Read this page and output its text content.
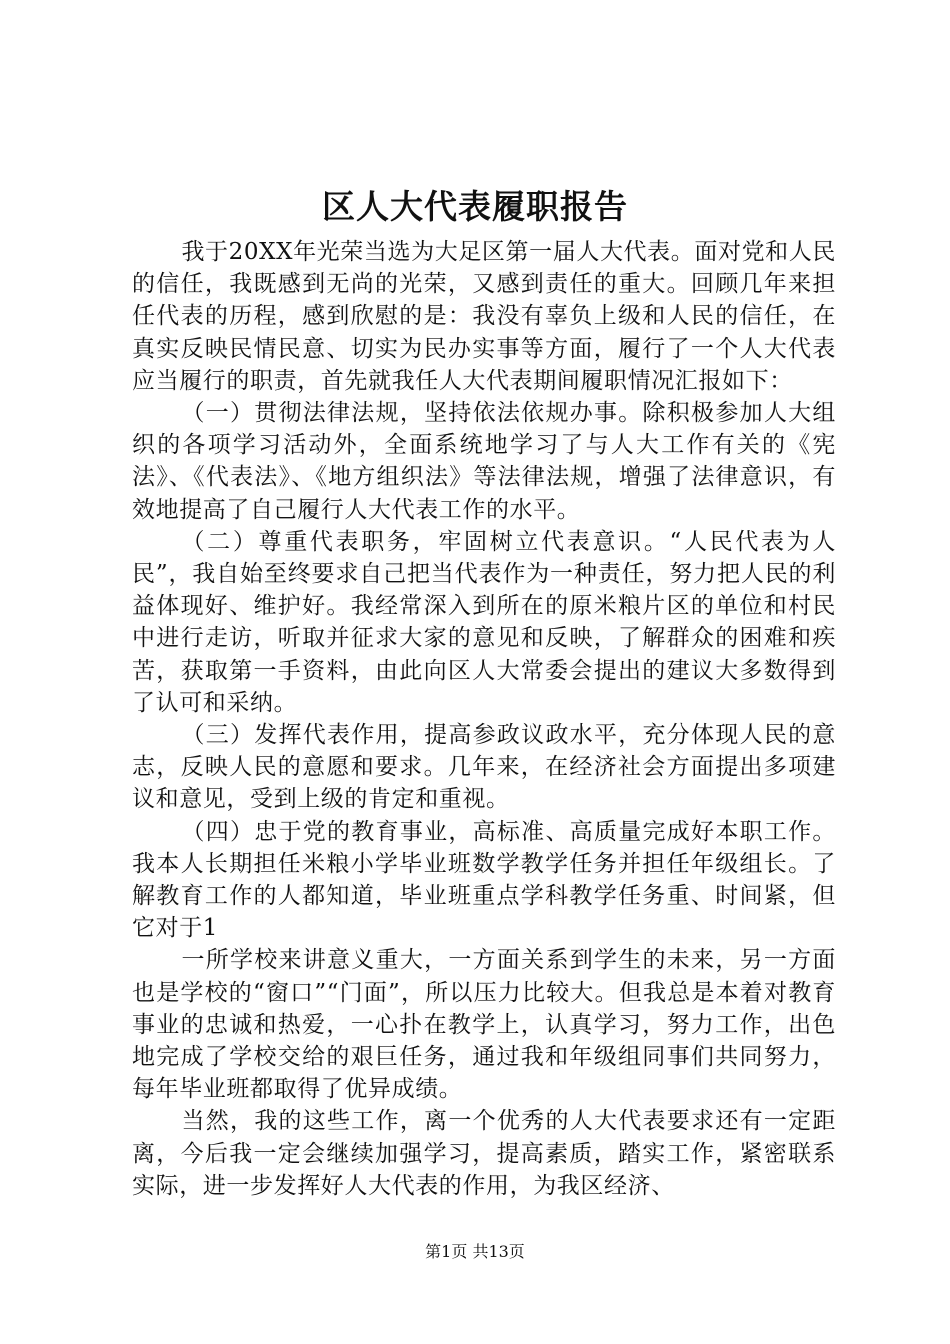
区人大代表履职报告

我于20XX年光荣当选为大足区第一届人大代表。面对党和人民的信任，我既感到无尚的光荣，又感到责任的重大。回顾几年来担任代表的历程，感到欣慰的是：我没有辜负上级和人民的信任，在真实反映民情民意、切实为民办实事等方面，履行了一个人大代表应当履行的职责，首先就我任人大代表期间履职情况汇报如下：

（一）贯彻法律法规，坚持依法依规办事。除积极参加人大组织的各项学习活动外，全面系统地学习了与人大工作有关的《宪法》、《代表法》、《地方组织法》等法律法规，增强了法律意识，有效地提高了自己履行人大代表工作的水平。

（二）尊重代表职务，牢固树立代表意识。“人民代表为人民”，我自始至终要求自己把当代表作为一种责任，努力把人民的利益体现好、维护好。我经常深入到所在的原米粮片区的单位和村民中进行走访，听取并征求大家的意见和反映，了解群众的困难和疾苦，获取第一手资料，由此向区人大常委会提出的建议大多数得到了认可和采纳。

（三）发挥代表作用，提高参政议政水平，充分体现人民的意志，反映人民的意愿和要求。几年来，在经济社会方面提出多项建议和意见，受到上级的肯定和重视。

（四）忠于党的教育事业，高标准、高质量完成好本职工作。我本人长期担任米粮小学毕业班数学教学任务并担任年级组长。了解教育工作的人都知道，毕业班重点学科教学任务重、时间紧，但它对于1

一所学校来讲意义重大，一方面关系到学生的未来，另一方面也是学校的“窗口”“门面”，所以压力比较大。但我总是本着对教育事业的忠诚和热爱，一心扑在教学上，认真学习，努力工作，出色地完成了学校交给的艰巨任务，通过我和年级组同事们共同努力，每年毕业班都取得了优异成绩。

当然，我的这些工作，离一个优秀的人大代表要求还有一定距离，今后我一定会继续加强学习，提高素质，踏实工作，紧密联系实际，进一步发挥好人大代表的作用，为我区经济、

第1页 共13页
